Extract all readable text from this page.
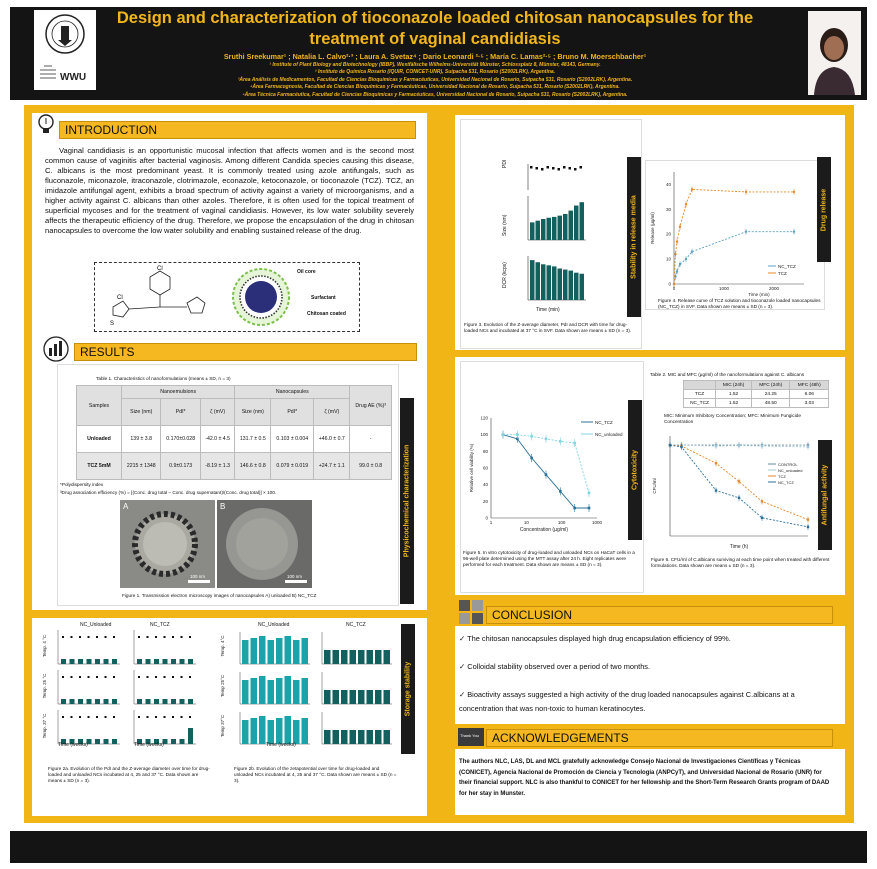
WWU
Design and characterization of tioconazole loaded chitosan nanocapsules for the
treatment of vaginal candidiasis
Sruthi Sreekumar¹ ; Natalia L. Calvo²·³ ; Laura A. Svetaz⁴ ; Dario Leonardi ²·⁵ ; María C. Lamas²·⁵ ; Bruno M. Moerschbacher¹
¹ Institute of Plant Biology and Biotechnology (IBBP), Westfälische Wilhelms-Universität Münster, Schlossplatz 8, Münster, 48143, Germany.
² Instituto de Química Rosario (IQUIR, CONICET-UNR), Suipacha 531, Rosario (S2002LRK), Argentina.
³Área Análisis de Medicamentos, Facultad de Ciencias Bioquímicas y Farmacéuticas, Universidad Nacional de Rosario, Suipacha 531, Rosario (S2002LRK), Argentina.
⁴Área Farmacognosia, Facultad de Ciencias Bioquímicas y Farmacéuticas, Universidad Nacional de Rosario, Suipacha 531, Rosario (S2002LRK), Argentina.
⁵Área Técnica Farmacéutica, Facultad de Ciencias Bioquímicas y Farmacéuticas, Universidad Nacional de Rosario, Suipacha 531, Rosario (S2002LRK), Argentina.
INTRODUCTION
Vaginal candidiasis is an opportunistic mucosal infection that affects women and is the second most common cause of vaginitis after bacterial vaginosis. Among different Candida species causing this disease, C. albicans is the most predominant yeast. It is commonly treated using azole antifungals, such as fluconazole, miconazole, itraconazole, clotrimazole, econazole, ketoconazole, or tioconazole (TCZ). TCZ, an imidazole antifungal agent, exhibits a broad spectrum of activity against a variety of microorganisms, and a higher activity against C. albicans than other azoles. Therefore, it is often used for the topical treatment of superficial mycoses and for the treatment of vaginal candidiasis. However, its low water solubility severely affects the therapeutic efficiency of the drug. Therefore, we propose the encapsulation of the drug in chitosan nanocapsules to overcome the low water solubility and enabling sustained release of the drug.
Cl
Cl
S
Oil core
Surfactant
Chitosan coated
RESULTS
Physicochemical characterization
Table 1. Characteristics of nanoformulations (means ± SD, n = 3)
Samples	Nanoemulsions			Nanocapsules			Drug AE (%)³
	Size (nm)	PdI*	ζ (mV)	Size (nm)	PdI*	ζ (mV)	
Unloaded	139 ± 3.8	0.170±0.028	-42.0 ± 4.5	131.7 ± 0.5	0.103 ± 0.004	+46.0 ± 0.7	-
TCZ 5mM	2215 ± 1348	0.9±0.173	-8.19 ± 1.3	146.6 ± 0.8	0.079 ± 0.019	+24.7 ± 1.1	99.0 ± 0.8
*Polydispersity index
³Drug association efficiency (%) = [(Conc. drug total – Conc. drug supernatant)/(Conc. drug total)] × 100.
A
100 nm
B
100 nm
Figure 1. Transmission electron microscopy images of nanocapsules A) unloaded B) NC_TCZ
Storage stability
NC_Unloaded	NC_TCZ
Temp. 4 °C
Temp. 25 °C
Temp. 37 °C
Time (weeks)	Time (weeks)
Figure 2a. Evolution of the PdI and the Z-average diameter over time for drug-loaded and unloaded NCs incubated at 4, 25 and 37 °C. Data shown are means ± SD (n = 3).
NC_Unloaded	NC_TCZ
Temp. 4°C
Temp 25°C
Temp 37°C
Time (weeks)
Figure 2b. Evolution of the zetapotential over time for drug-loaded and unloaded NCs incubated at 4, 25 and 37 °C. Data shown are means ± SD (n = 3).
Stability in release media
PDI
Size (nm)
DCR (kcps)
Time (min)
Figure 3. Evolution of the Z-average diameter, PdI and DCR with time for drug-loaded NCs and incubated at 37 °C in SVF. Data shown are means ± SD (n = 3).
Drug release
0
10
20
30
40
0	1000	2000
Time (min)
Release (µg/ml)
NC_TCZ
TCZ
Figure 4. Release curve of TCZ solution and tioconazole loaded nanocapsules (NC_TCZ) in SVF. Data shown are means ± SD (n = 3).
Cytotoxicity
0
20
40
60
80
100
120
1	10	100	1000
Concentration (µg/ml)
Relative cell viability (%)
NC_TCZ
NC_unloaded
Figure 5. In vitro cytotoxicity of drug-loaded and unloaded NCs on HaCaT cells in a 96-well plate determined using the MTT assay after 24 h. Eight replicates were performed for each treatment. Data shown are means ± SD (n = 3).
Table 2. MIC and MFC (µg/ml) of the nanoformulations against C. albicans
	MIC (24h)	MFC (24h)	MFC (48h)
TCZ	1.52	24.25	6.06
NC_TCZ	1.52	48.50	3.03
MIC: Minimum Inhibitory Concentration; MFC: Minimum Fungicide Concentration
Antifungal activity
Time (h)
CFU/ml
CONTROL
NC_unloaded
TCZ
NC_TCZ
Figure 6. CFU/ml of C.albicans surviving at each time point when treated with different formulations. Data shown are means ± SD (n = 3).
CONCLUSION
✓ The chitosan nanocapsules displayed high drug encapsulation efficiency of 99%.
✓ Colloidal stability observed over a period of two months.
✓ Bioactivity assays suggested a high activity of the drug loaded nanocapsules against C.albicans at a concentration that was non-toxic to human keratinocytes.
Thank You ACKNOWLEDGEMENTS
The authors NLC, LAS, DL and MCL gratefully acknowledge Consejo Nacional de Investigaciones Científicas y Técnicas (CONICET), Agencia Nacional de Promoción de Ciencia y Tecnología (ANPCyT), and Universidad Nacional de Rosario (UNR) for their financial support. NLC is also thankful to CONICET for her fellowship and the Short-Term Research Grants program of DAAD for her stay in Munster.
